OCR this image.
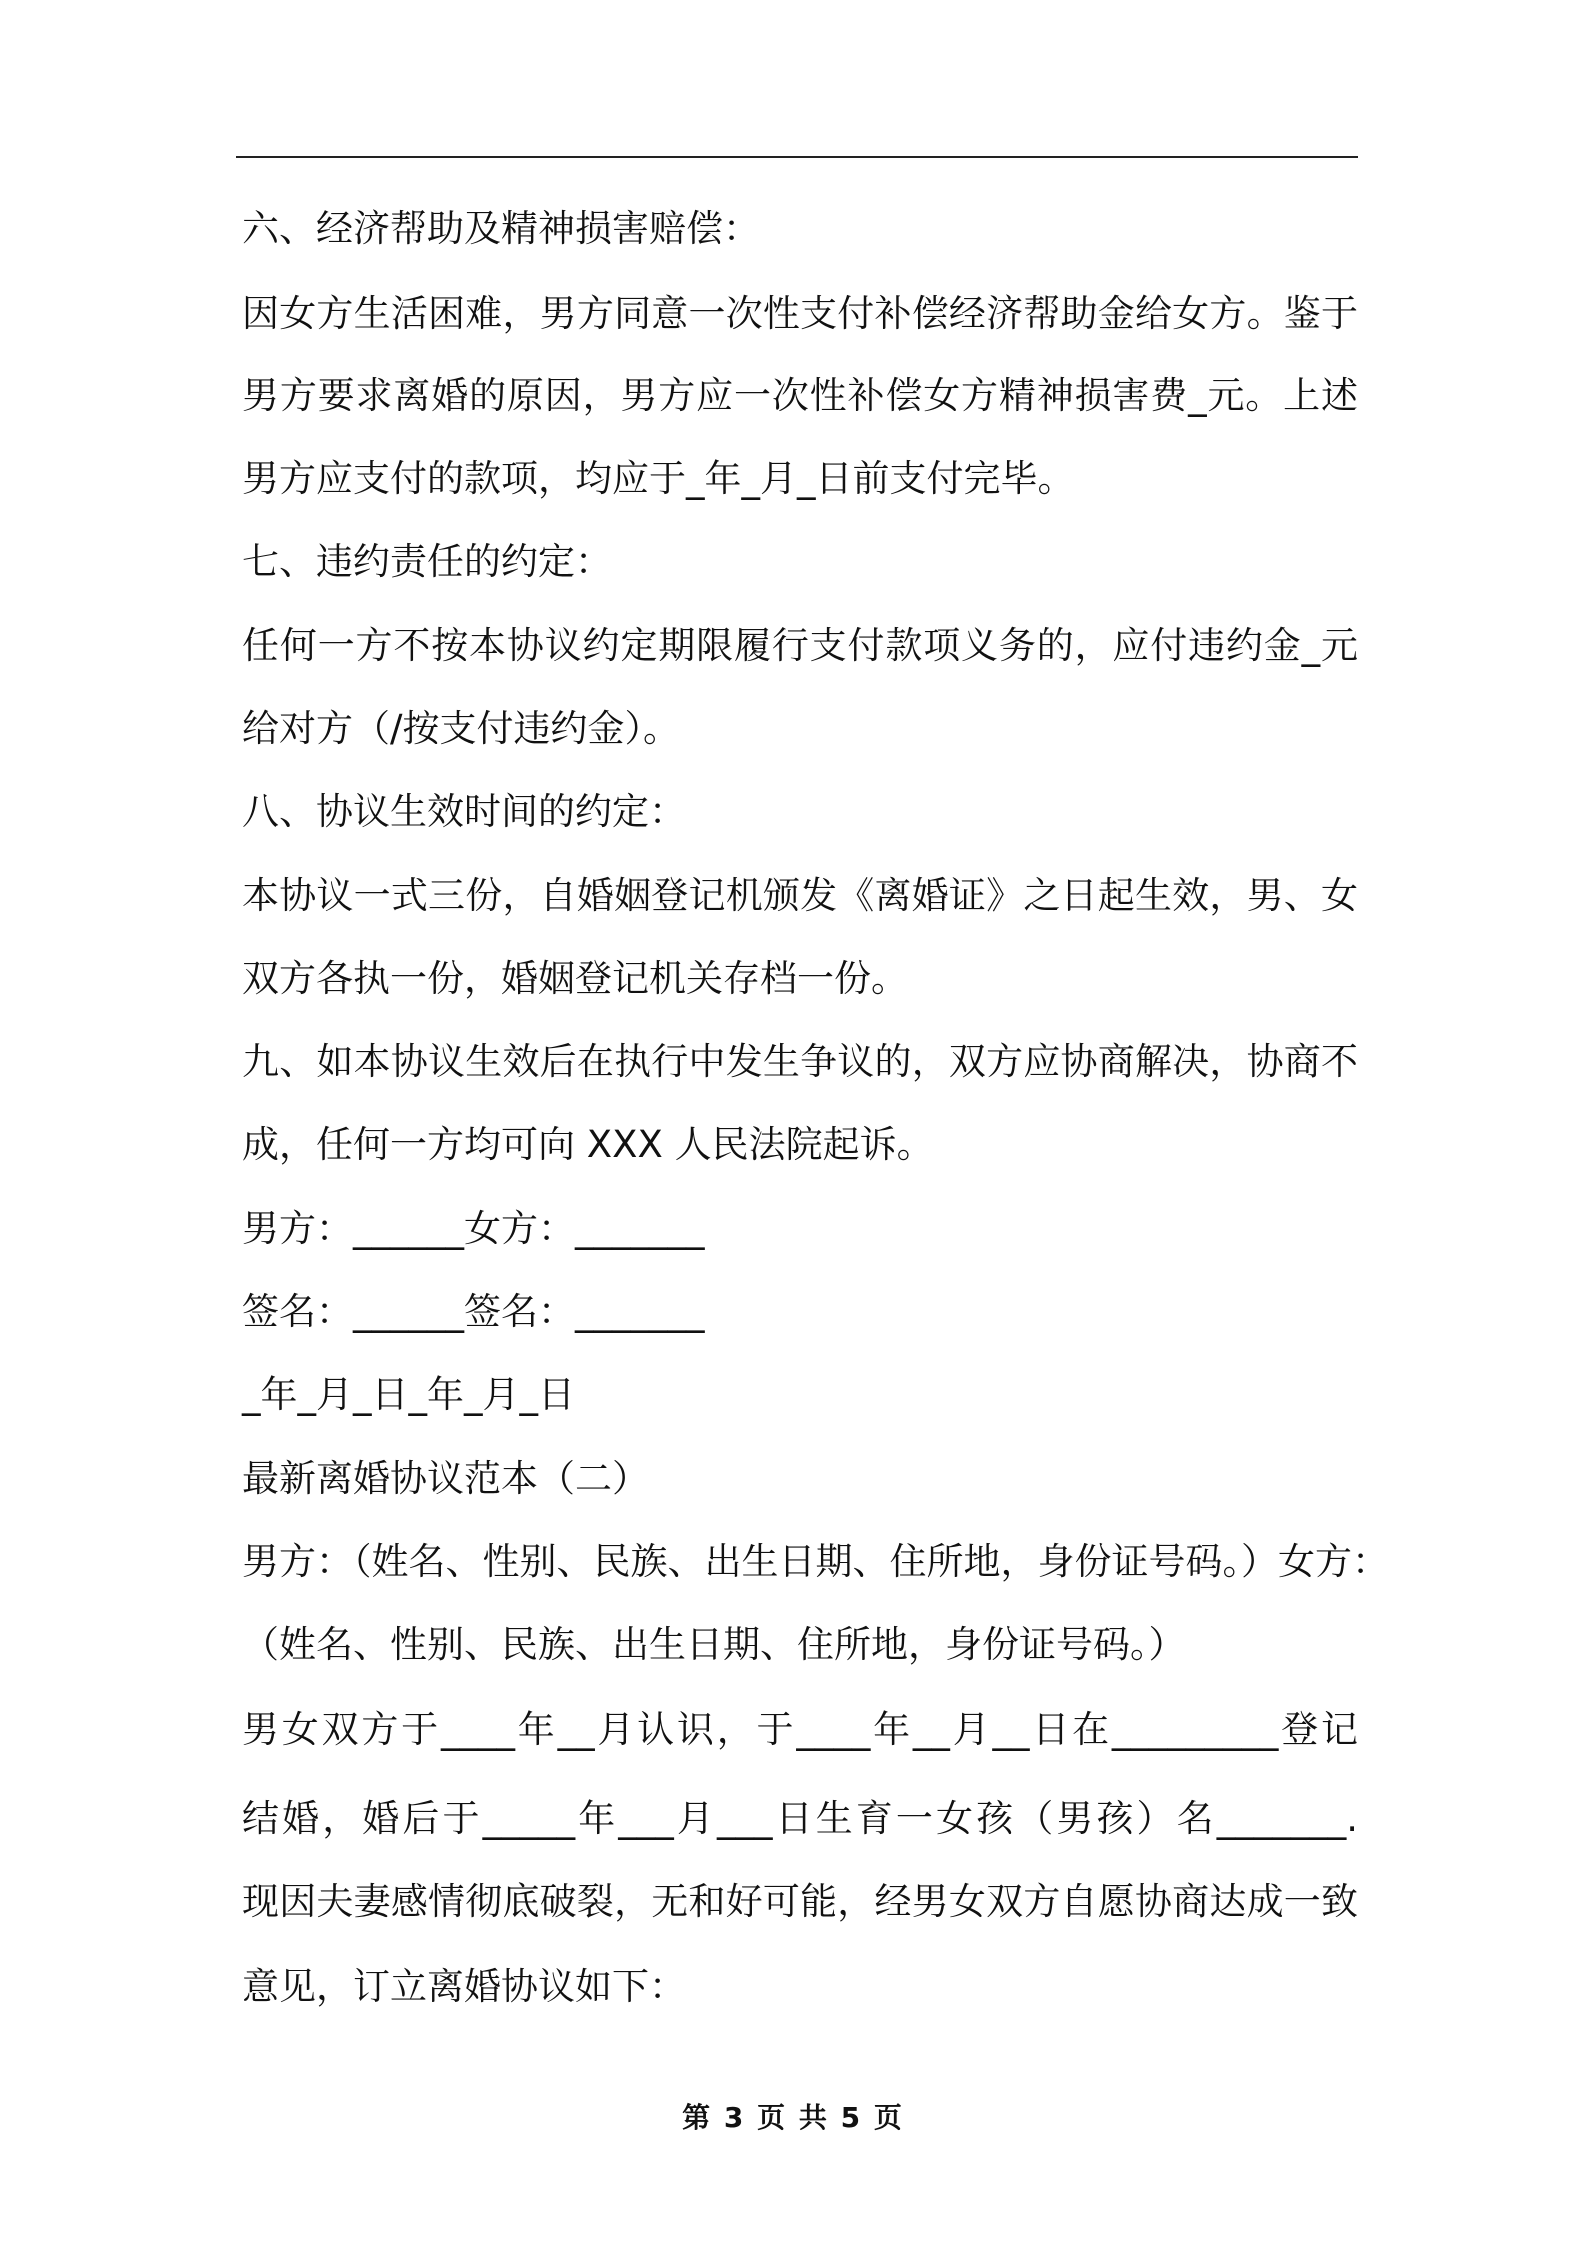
六、经济帮助及精神损害赔偿：
因女方生活困难，男方同意一次性支付补偿经济帮助金给女方。鉴于
男方要求离婚的原因，男方应一次性补偿女方精神损害费_元。上述
男方应支付的款项，均应于_年_月_日前支付完毕。
七、违约责任的约定：
任何一方不按本协议约定期限履行支付款项义务的，应付违约金_元
给对方（/按支付违约金）。
八、协议生效时间的约定：
本协议一式三份，自婚姻登记机颁发《离婚证》之日起生效，男、女
双方各执一份，婚姻登记机关存档一份。
九、如本协议生效后在执行中发生争议的，双方应协商解决，协商不
成，任何一方均可向 XXX 人民法院起诉。
男方：______女方：_______
签名：______签名：_______
_年_月_日_年_月_日
最新离婚协议范本（二）
男方：（姓名、性别、民族、出生日期、住所地，身份证号码。）女方：
（姓名、性别、民族、出生日期、住所地，身份证号码。）
男女双方于____年__月认识，于____年__月__日在_________登记
结婚，婚后于_____年___月___日生育一女孩（男孩）名_______.
现因夫妻感情彻底破裂，无和好可能，经男女双方自愿协商达成一致
意见，订立离婚协议如下：
第 3 页 共 5 页
